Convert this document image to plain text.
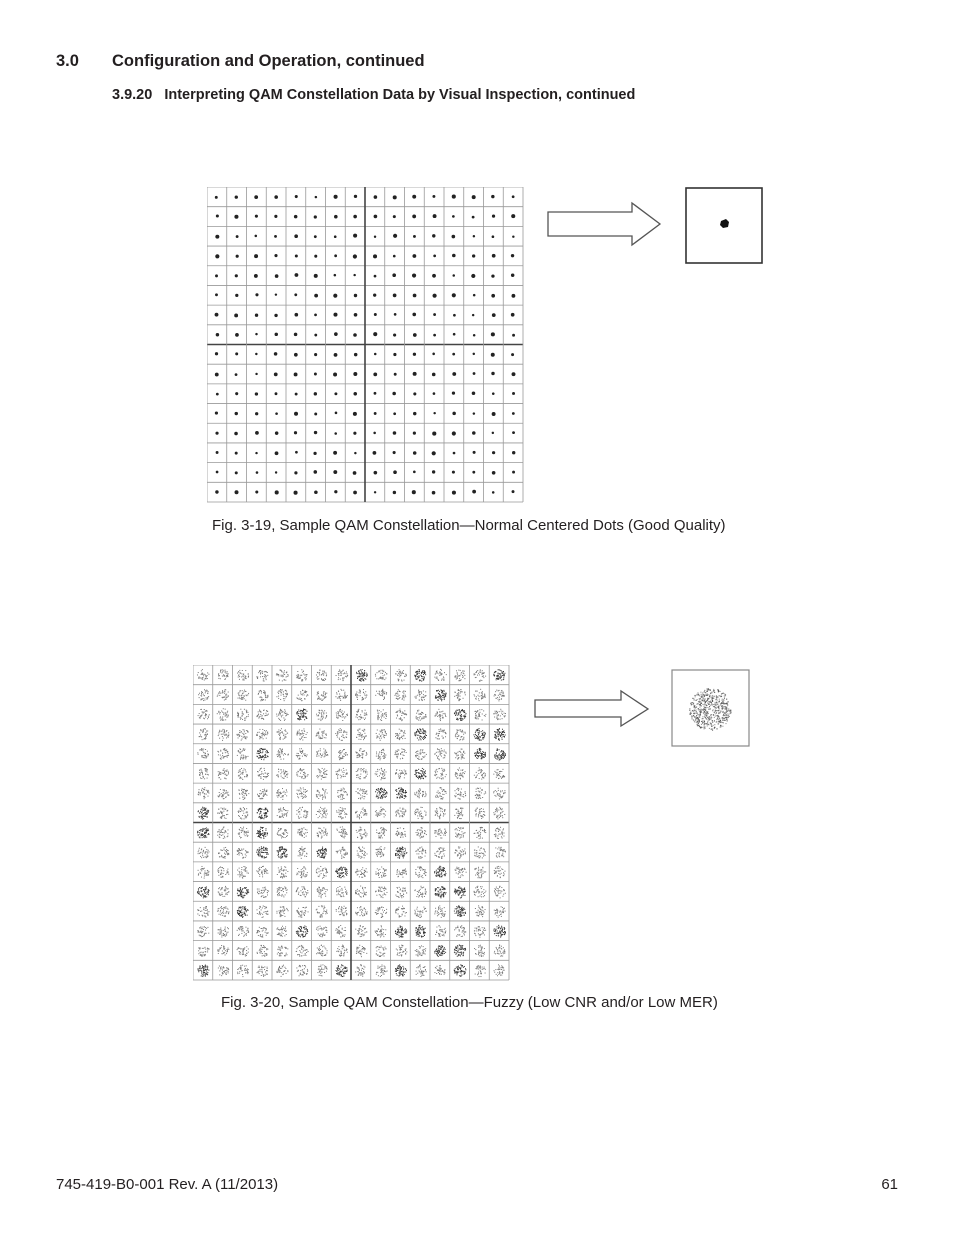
3.0 Configuration and Operation, continued
3.9.20 Interpreting QAM Constellation Data by Visual Inspection, continued
Fig. 3-19, Sample QAM Constellation—Normal Centered Dots (Good Quality)
Fig. 3-20, Sample QAM Constellation—Fuzzy (Low CNR and/or Low MER)
745-419-B0-001 Rev. A (11/2013)	61
